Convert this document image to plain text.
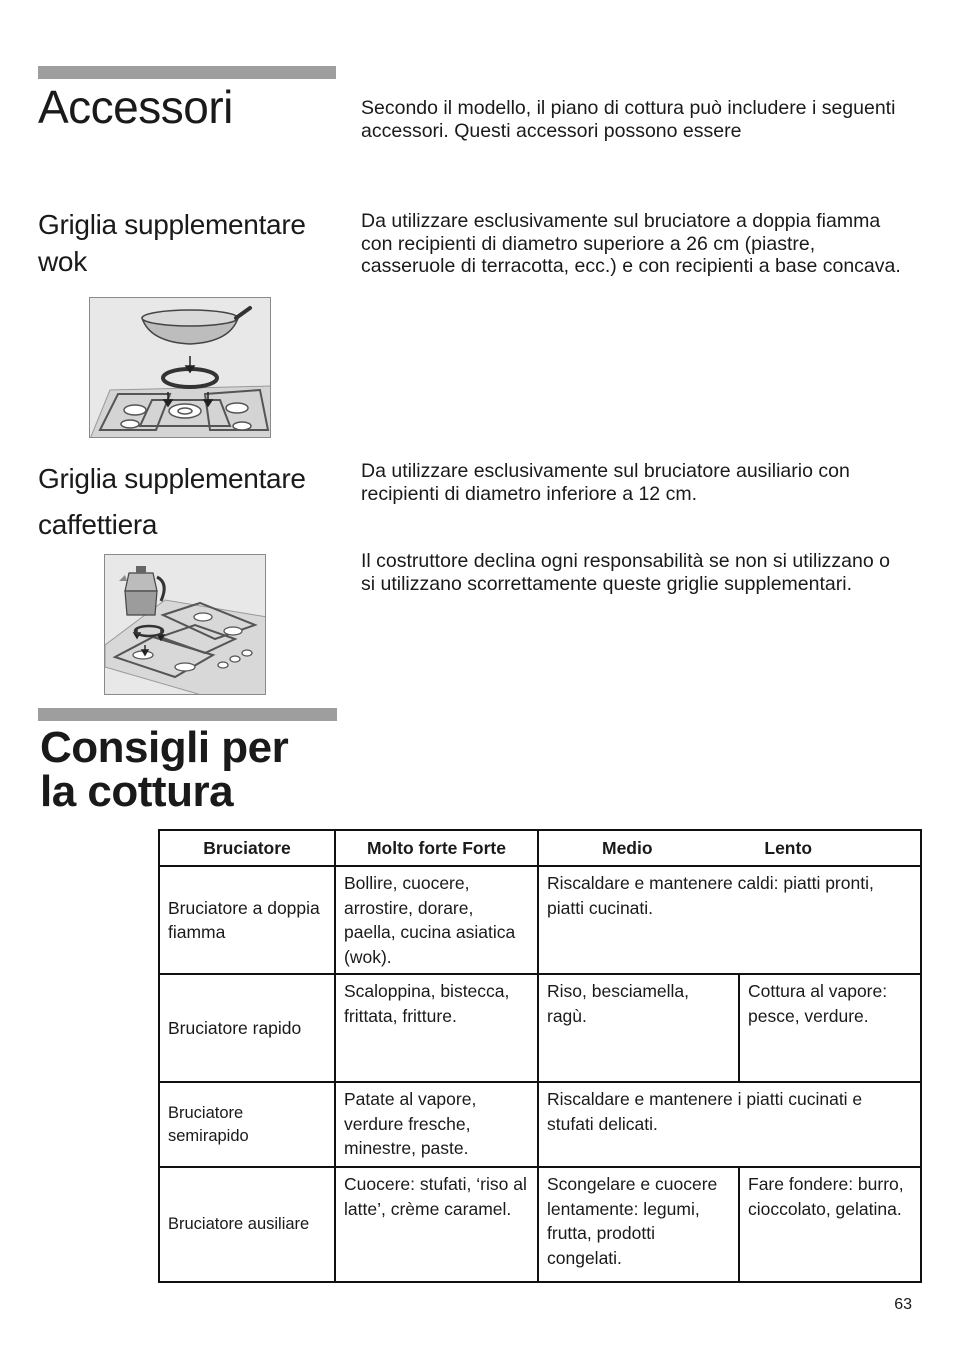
Accessori	Secondo il modello, il piano di cottura può includere i seguenti accessori. Questi accessori possono essere
Griglia supplementare
wok
Da utilizzare esclusivamente sul bruciatore a doppia fiamma con recipienti di diametro superiore a 26 cm (piastre, casseruole di terracotta, ecc.) e con recipienti a base concava.
Griglia supplementare
caffettiera
Da utilizzare esclusivamente sul bruciatore ausiliario con recipienti di diametro inferiore a 12 cm.
Il costruttore declina ogni responsabilità se non si utilizzano o si utilizzano scorrettamente queste griglie supplementari.
Consigli per
la cottura
Bruciatore	Molto forte Forte	Medio Lento	

Bruciatore a doppia fiamma	Bollire, cuocere, arrostire, dorare, paella, cucina asiatica (wok).	Riscaldare e mantenere caldi: piatti pronti, piatti cucinati.	
Bruciatore rapido	Scaloppina, bistecca, frittata, fritture.	Riso, besciamella, ragù.	Cottura al vapore: pesce, verdure.
Bruciatore semirapido	Patate al vapore, verdure fresche, minestre, paste.	Riscaldare e mantenere i piatti cucinati e stufati delicati.	
Bruciatore ausiliare	Cuocere: stufati, ‘riso al latte’, crème caramel.	Scongelare e cuocere lentamente: legumi, frutta, prodotti congelati.	Fare fondere: burro, cioccolato, gelatina.
63
